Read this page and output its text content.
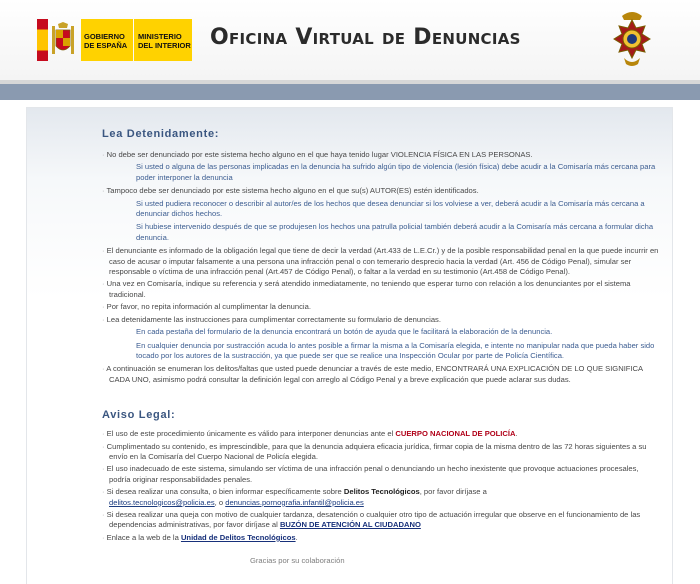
GOBIERNO
DE ESPAÑA
MINISTERIO
DEL INTERIOR Oficina Virtual de Denuncias
Lea Detenidamente:
· No debe ser denunciado por este sistema hecho alguno en el que haya tenido lugar VIOLENCIA FÍSICA EN LAS PERSONAS.
Si usted o alguna de las personas implicadas en la denuncia ha sufrido algún tipo de violencia (lesión física) debe acudir a la Comisaría más cercana para poder interponer la denuncia
· Tampoco debe ser denunciado por este sistema hecho alguno en el que su(s) AUTOR(ES) estén identificados.
Si usted pudiera reconocer o describir al autor/es de los hechos que desea denunciar si los volviese a ver, deberá acudir a la Comisaría más cercana a denunciar dichos hechos.
Si hubiese intervenido después de que se produjesen los hechos una patrulla policial también deberá acudir a la Comisaría más cercana a formular dicha denuncia.
· El denunciante es informado de la obligación legal que tiene de decir la verdad (Art.433 de L.E.Cr.) y de la posible responsabilidad penal en la que puede incurrir en caso de acusar o imputar falsamente a una persona una infracción penal o con temerario desprecio hacia la verdad (Art. 456 de Código Penal), simular ser responsable o víctima de una infracción penal (Art.457 de Código Penal), o faltar a la verdad en su testimonio (Art.458 de Código Penal).
· Una vez en Comisaría, indique su referencia y será atendido inmediatamente, no teniendo que esperar turno con relación a los denunciantes por el sistema tradicional.
· Por favor, no repita información al cumplimentar la denuncia.
· Lea detenidamente las instrucciones para cumplimentar correctamente su formulario de denuncias.
En cada pestaña del formulario de la denuncia encontrará un botón de ayuda que le facilitará la elaboración de la denuncia.
En cualquier denuncia por sustracción acuda lo antes posible a firmar la misma a la Comisaría elegida, e intente no manipular nada que pueda haber sido tocado por los autores de la sustracción, ya que puede ser que se realice una Inspección Ocular por parte de Policía Científica.
· A continuación se enumeran los delitos/faltas que usted puede denunciar a través de este medio, ENCONTRARÁ UNA EXPLICACIÓN DE LO QUE SIGNIFICA CADA UNO, asimismo podrá consultar la definición legal con arreglo al Código Penal y a breve explicación que puede aclarar sus dudas.
Aviso Legal:
· El uso de este procedimiento únicamente es válido para interponer denuncias ante el CUERPO NACIONAL DE POLICÍA.
· Cumplimentado su contenido, es imprescindible, para que la denuncia adquiera eficacia jurídica, firmar copia de la misma dentro de las 72 horas siguientes a su envío en la Comisaría del Cuerpo Nacional de Policía elegida.
· El uso inadecuado de este sistema, simulando ser víctima de una infracción penal o denunciando un hecho inexistente que provoque actuaciones procesales, podría originar responsabilidades penales.
· Si desea realizar una consulta, o bien informar específicamente sobre Delitos Tecnológicos, por favor diríjase a
delitos.tecnologicos@policia.es, o denuncias.pornografia.infantil@policia.es
· Si desea realizar una queja con motivo de cualquier tardanza, desatención o cualquier otro tipo de actuación irregular que observe en el funcionamiento de las dependencias administrativas, por favor diríjase al BUZÓN DE ATENCIÓN AL CIUDADANO
· Enlace a la web de la Unidad de Delitos Tecnológicos.
Gracias por su colaboración
